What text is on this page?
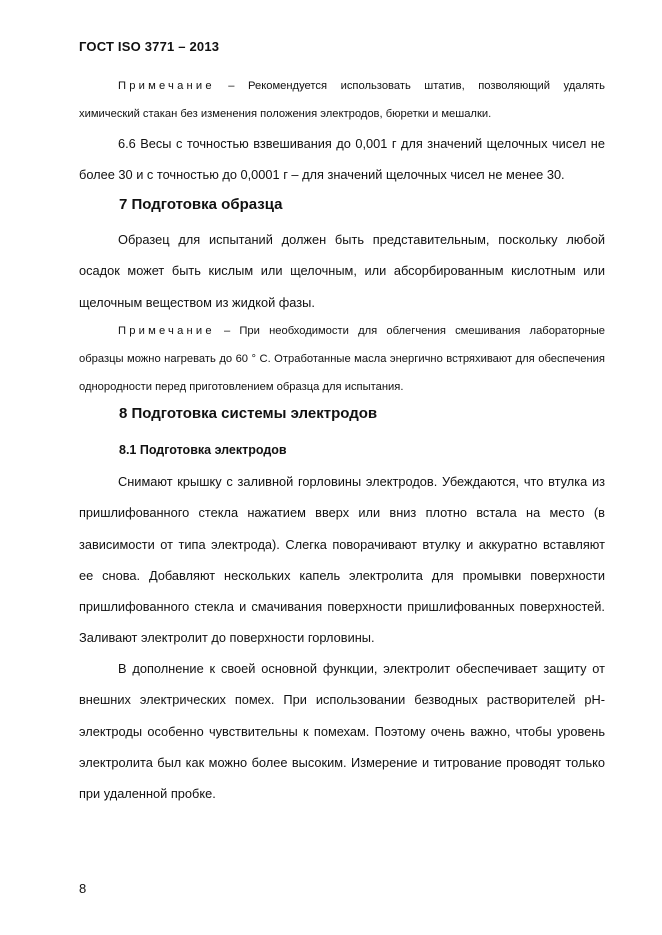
ГОСТ ISO 3771 – 2013
Примечание – Рекомендуется использовать штатив, позволяющий удалять химический стакан без изменения положения электродов, бюретки и мешалки.

6.6 Весы с точностью взвешивания до 0,001 г для значений щелочных чисел не более 30 и с точностью до 0,0001 г – для значений щелочных чисел не менее 30.

7 Подготовка образца

Образец для испытаний должен быть представительным, поскольку любой осадок может быть кислым или щелочным, или абсорбированным кислотным или щелочным веществом из жидкой фазы.

Примечание – При необходимости для облегчения смешивания лабораторные образцы можно нагревать до 60 ° С. Отработанные масла энергично встряхивают для обеспечения однородности перед приготовлением образца для испытания.
8 Подготовка системы электродов
8.1 Подготовка электродов

Снимают крышку с заливной горловины электродов. Убеждаются, что втулка из пришлифованного стекла нажатием вверх или вниз плотно встала на место (в зависимости от типа электрода). Слегка поворачивают втулку и аккуратно вставляют ее снова. Добавляют нескольких капель электролита для промывки поверхности пришлифованного стекла и смачивания поверхности пришлифованных поверхностей. Заливают электролит до поверхности горловины.

В дополнение к своей основной функции, электролит обеспечивает защиту от внешних электрических помех. При использовании безводных растворителей pH-электроды особенно чувствительны к помехам. Поэтому очень важно, чтобы уровень электролита был как можно более высоким. Измерение и титрование проводят только при удаленной пробке.

8
